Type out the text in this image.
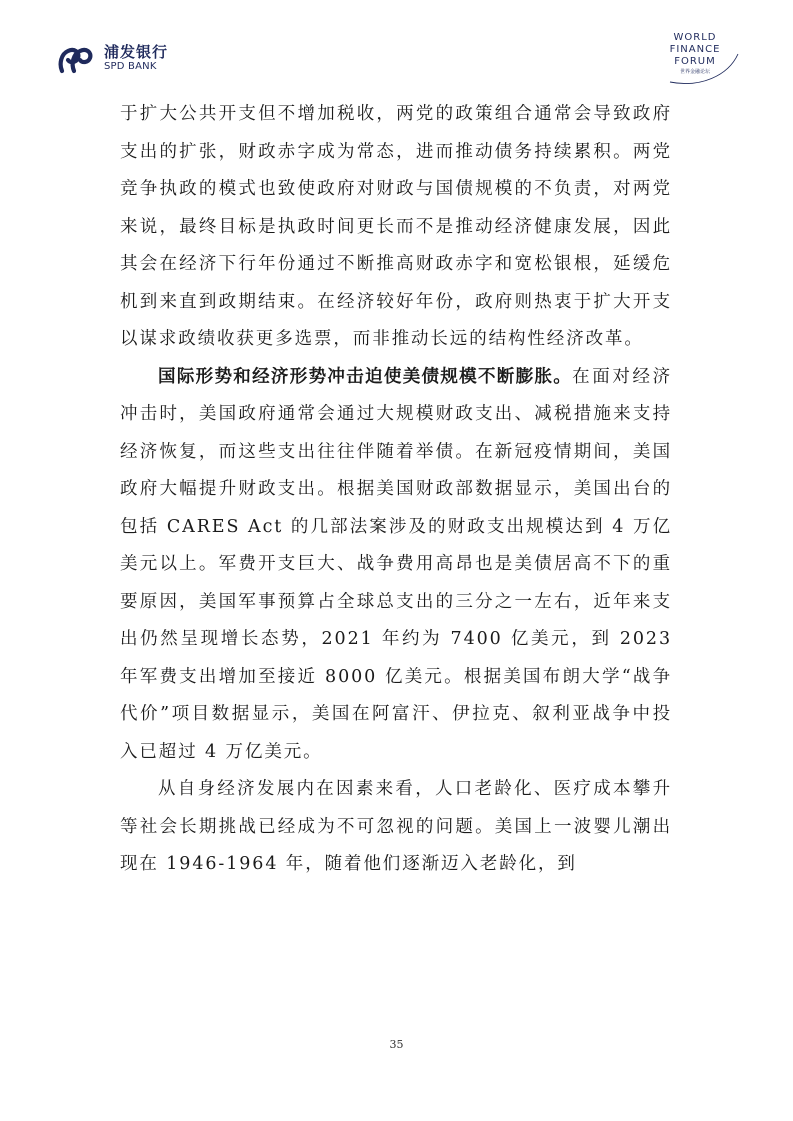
浦发银行
SPD BANK
WORLD
FINANCE
FORUM
世界金融论坛

于扩大公共开支但不增加税收，两党的政策组合通常会导致政府支出的扩张，财政赤字成为常态，进而推动债务持续累积。两党竞争执政的模式也致使政府对财政与国债规模的不负责，对两党来说，最终目标是执政时间更长而不是推动经济健康发展，因此其会在经济下行年份通过不断推高财政赤字和宽松银根，延缓危机到来直到政期结束。在经济较好年份，政府则热衷于扩大开支以谋求政绩收获更多选票，而非推动长远的结构性经济改革。

国际形势和经济形势冲击迫使美债规模不断膨胀。在面对经济冲击时，美国政府通常会通过大规模财政支出、减税措施来支持经济恢复，而这些支出往往伴随着举债。在新冠疫情期间，美国政府大幅提升财政支出。根据美国财政部数据显示，美国出台的包括 CARES Act 的几部法案涉及的财政支出规模达到 4 万亿美元以上。军费开支巨大、战争费用高昂也是美债居高不下的重要原因，美国军事预算占全球总支出的三分之一左右，近年来支出仍然呈现增长态势，2021 年约为 7400 亿美元，到 2023 年军费支出增加至接近 8000 亿美元。根据美国布朗大学“战争代价”项目数据显示，美国在阿富汗、伊拉克、叙利亚战争中投入已超过 4 万亿美元。

从自身经济发展内在因素来看，人口老龄化、医疗成本攀升等社会长期挑战已经成为不可忽视的问题。美国上一波婴儿潮出现在 1946-1964 年，随着他们逐渐迈入老龄化，到

35
